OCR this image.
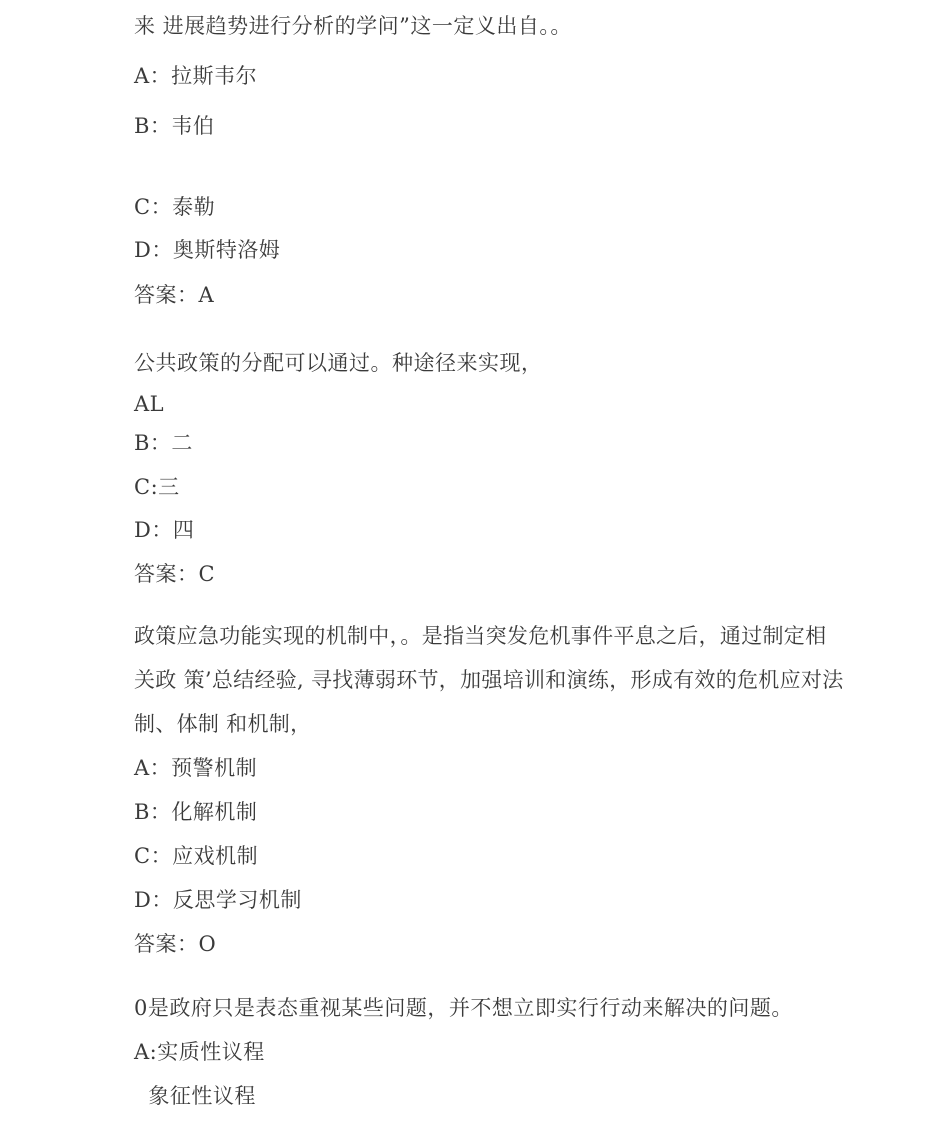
来 进展趋势进行分析的学问”这一定义出自。。
A：拉斯韦尔
B：韦伯
C：泰勒
D：奥斯特洛姆
答案：A
公共政策的分配可以通过。种途径来实现，
AL
B：二
C:三
D：四
答案：C
政策应急功能实现的机制中，。是指当突发危机事件平息之后，通过制定相
关政 策’总结经验, 寻找薄弱环节，加强培训和演练，形成有效的危机应对法
制、体制 和机制，
A：预警机制
B：化解机制
C：应戏机制
D：反思学习机制
答案：O
0是政府只是表态重视某些问题，并不想立即实行行动来解决的问题。
A:实质性议程
象征性议程
